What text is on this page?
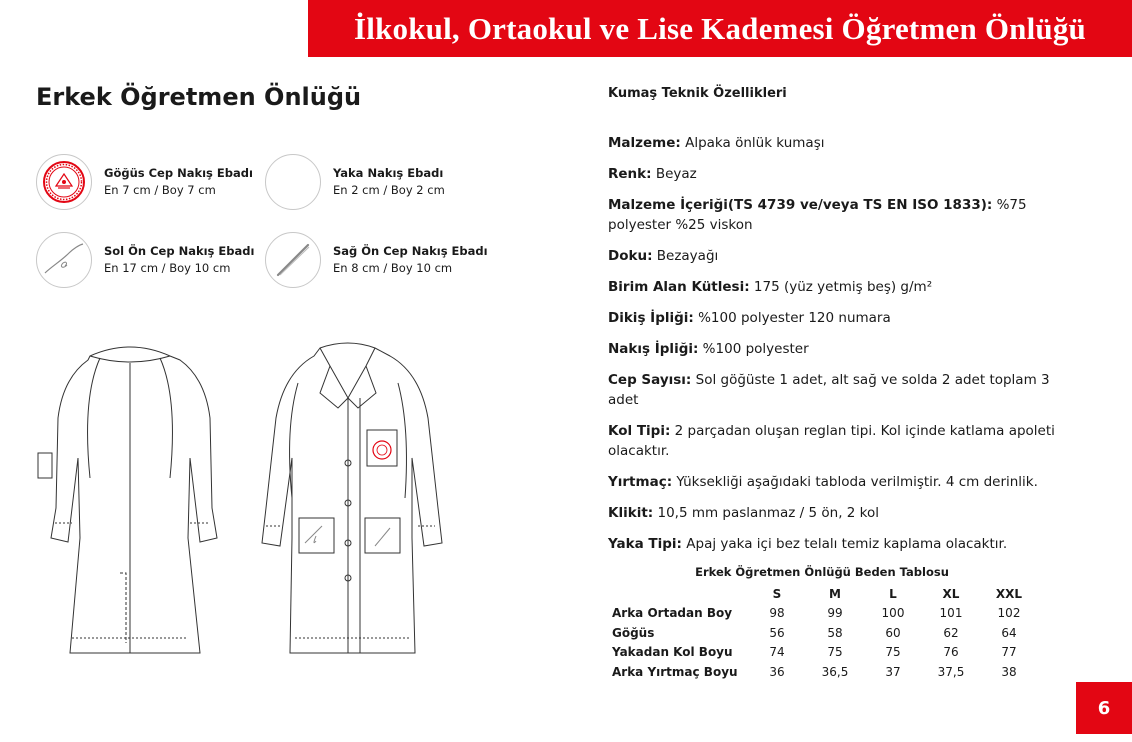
İlkokul, Ortaokul ve Lise Kademesi Öğretmen Önlüğü
Erkek Öğretmen Önlüğü
Göğüs Cep Nakış Ebadı
En 7 cm / Boy 7 cm
Yaka Nakış Ebadı
En 2 cm / Boy 2 cm
Sol Ön Cep Nakış Ebadı
En 17 cm / Boy 10 cm
Sağ Ön Cep Nakış Ebadı
En 8 cm / Boy 10 cm
Kumaş Teknik Özellikleri
Malzeme: Alpaka önlük kumaşı
Renk: Beyaz
Malzeme İçeriği(TS 4739 ve/veya TS EN ISO 1833): %75 polyester %25 viskon
Doku: Bezayağı
Birim Alan Kütlesi: 175 (yüz yetmiş beş) g/m²
Dikiş İpliği: %100 polyester 120 numara
Nakış İpliği: %100 polyester
Cep Sayısı: Sol göğüste 1 adet, alt sağ ve solda 2 adet toplam 3 adet
Kol Tipi: 2 parçadan oluşan reglan tipi. Kol içinde katlama apoleti olacaktır.
Yırtmaç: Yüksekliği aşağıdaki tabloda verilmiştir. 4 cm derinlik.
Klikit: 10,5 mm paslanmaz / 5 ön, 2 kol
Yaka Tipi: Apaj yaka içi bez telalı temiz kaplama olacaktır.
Erkek Öğretmen Önlüğü Beden Tablosu
	S	M	L	XL	XXL
Arka Ortadan Boy	98	99	100	101	102
Göğüs	56	58	60	62	64
Yakadan Kol Boyu	74	75	75	76	77
Arka Yırtmaç Boyu	36	36,5	37	37,5	38
6
